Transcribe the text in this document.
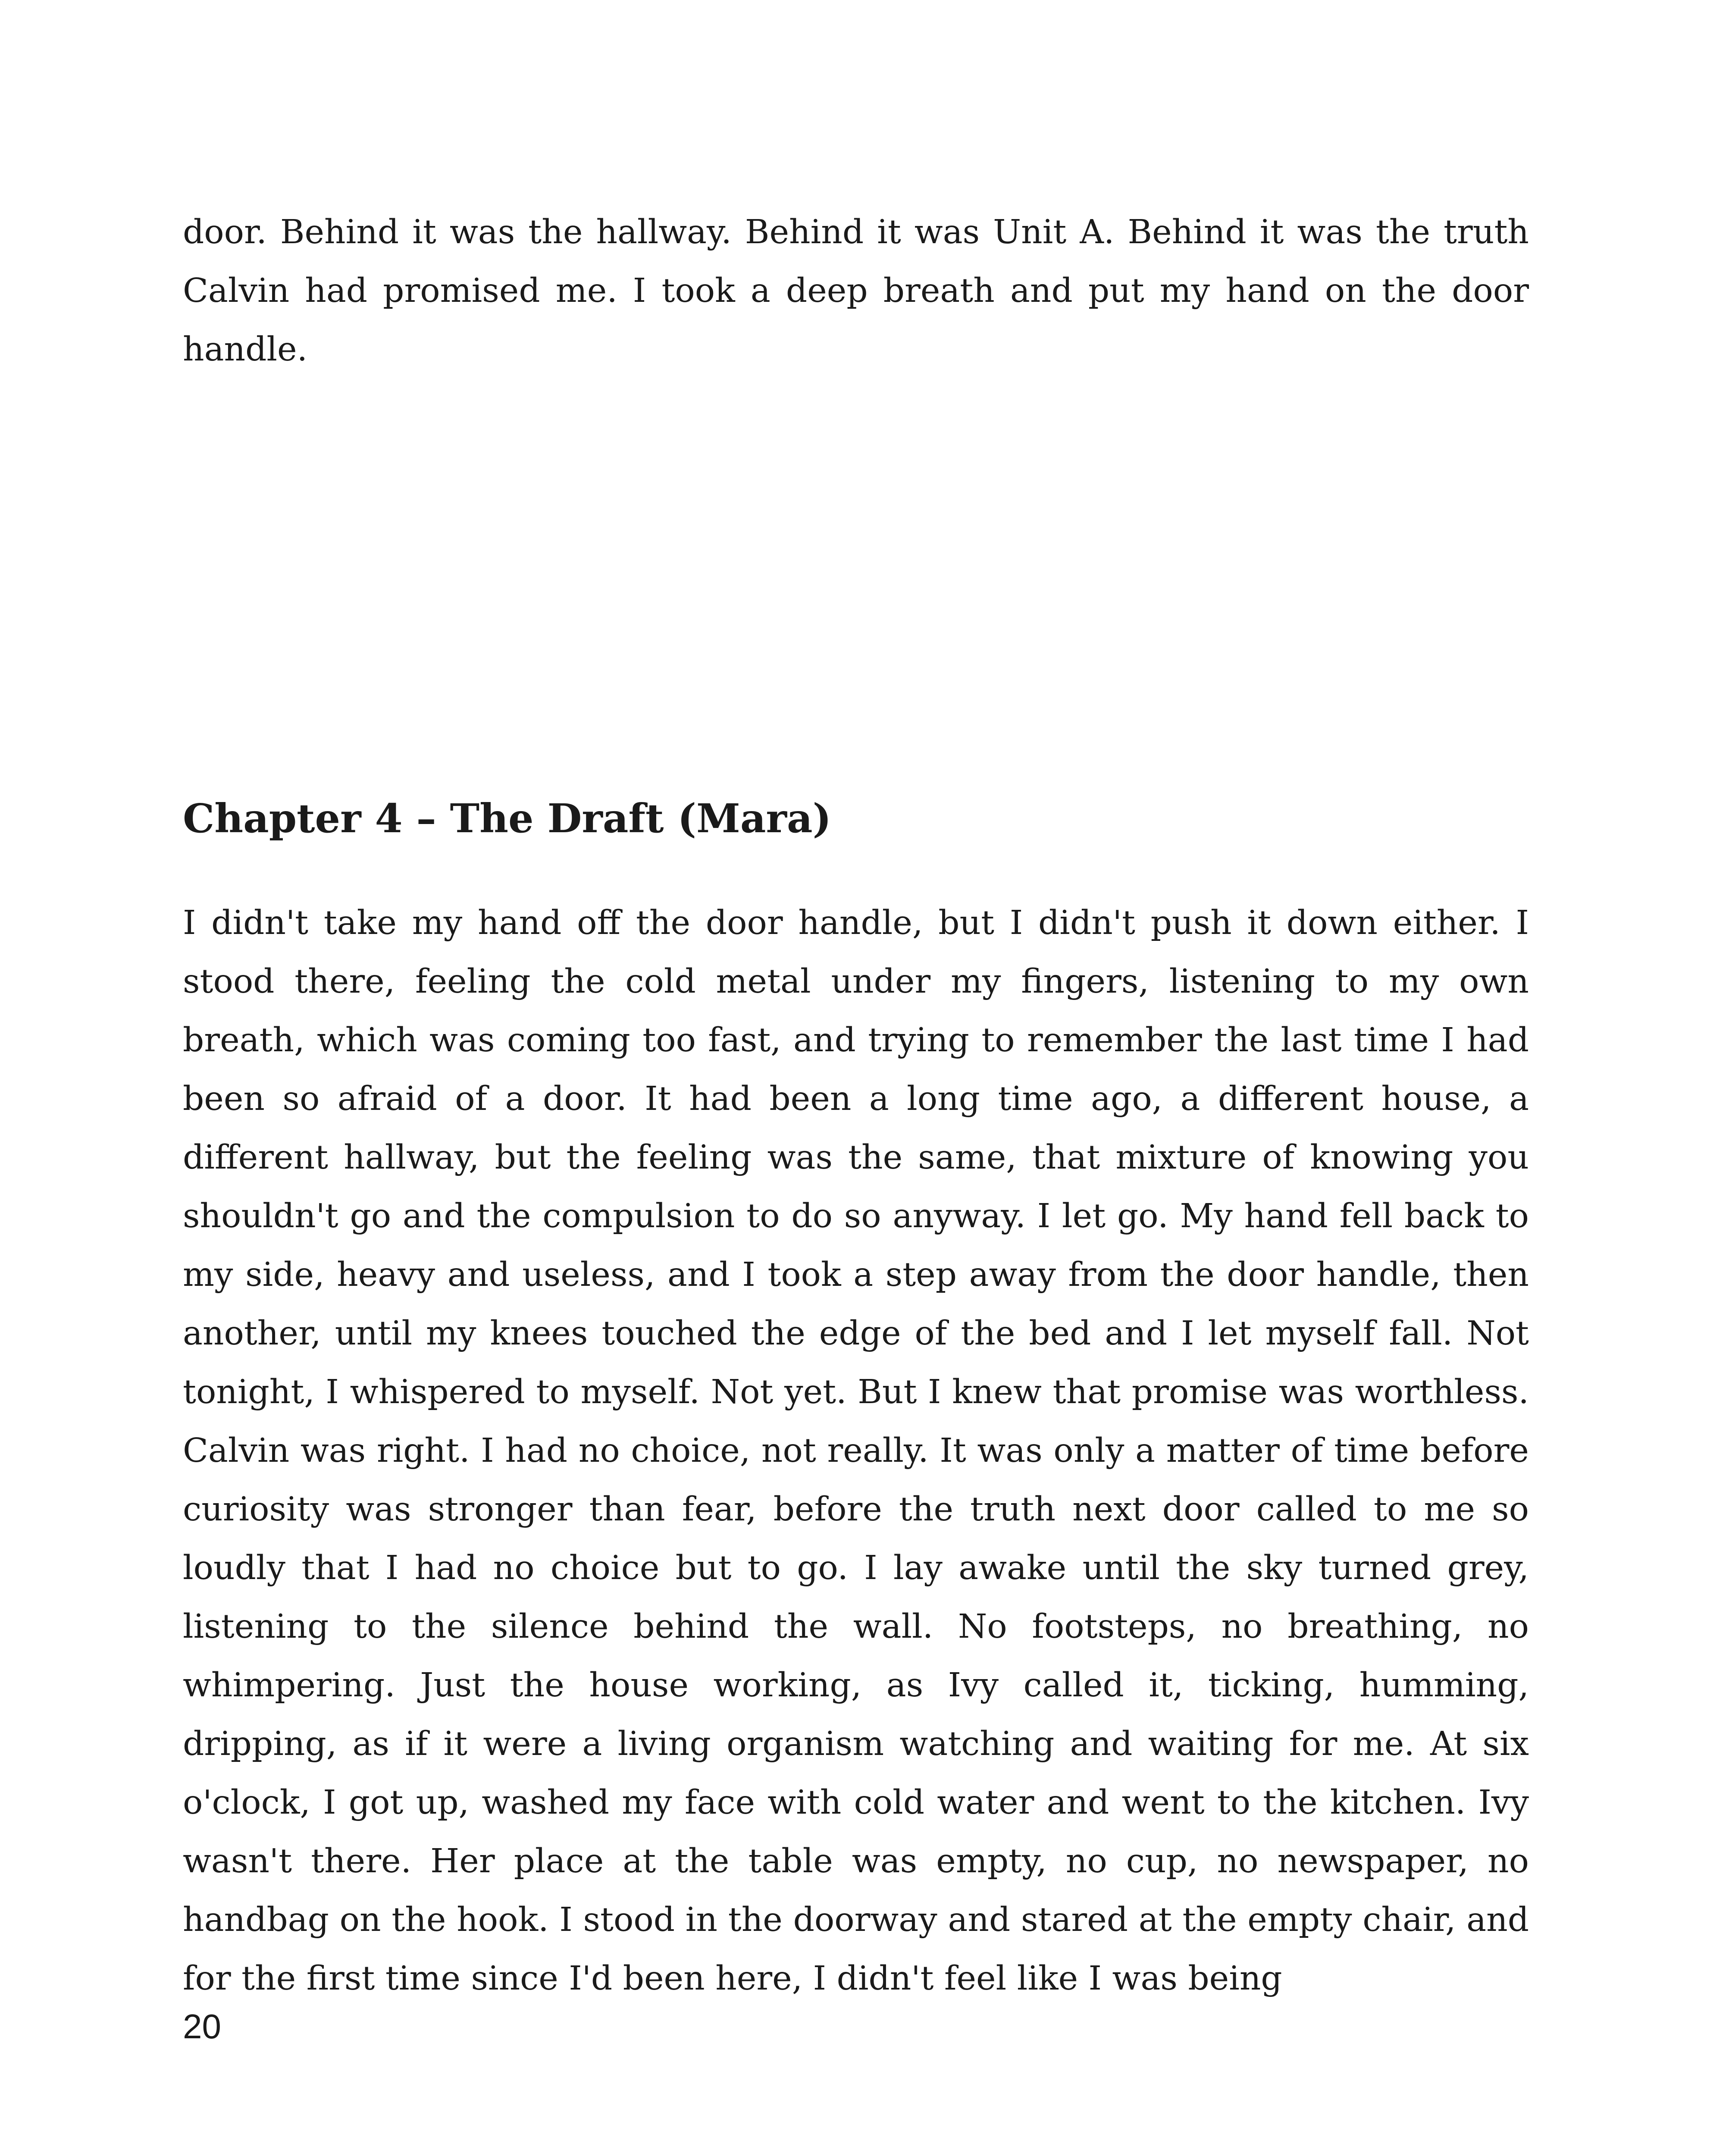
door. Behind it was the hallway. Behind it was Unit A. Behind it was the truth Calvin had promised me. I took a deep breath and put my hand on the door handle.

Chapter 4 – The Draft (Mara)

I didn't take my hand off the door handle, but I didn't push it down either. I stood there, feeling the cold metal under my fingers, listening to my own breath, which was coming too fast, and trying to remember the last time I had been so afraid of a door. It had been a long time ago, a different house, a different hallway, but the feeling was the same, that mixture of knowing you shouldn't go and the compulsion to do so anyway. I let go. My hand fell back to my side, heavy and useless, and I took a step away from the door handle, then another, until my knees touched the edge of the bed and I let myself fall. Not tonight, I whispered to myself. Not yet. But I knew that promise was worthless. Calvin was right. I had no choice, not really. It was only a matter of time before curiosity was stronger than fear, before the truth next door called to me so loudly that I had no choice but to go. I lay awake until the sky turned grey, listening to the silence behind the wall. No footsteps, no breathing, no whimpering. Just the house working, as Ivy called it, ticking, humming, dripping, as if it were a living organism watching and waiting for me. At six o'clock, I got up, washed my face with cold water and went to the kitchen. Ivy wasn't there. Her place at the table was empty, no cup, no newspaper, no handbag on the hook. I stood in the doorway and stared at the empty chair, and for the first time since I'd been here, I didn't feel like I was being

20
